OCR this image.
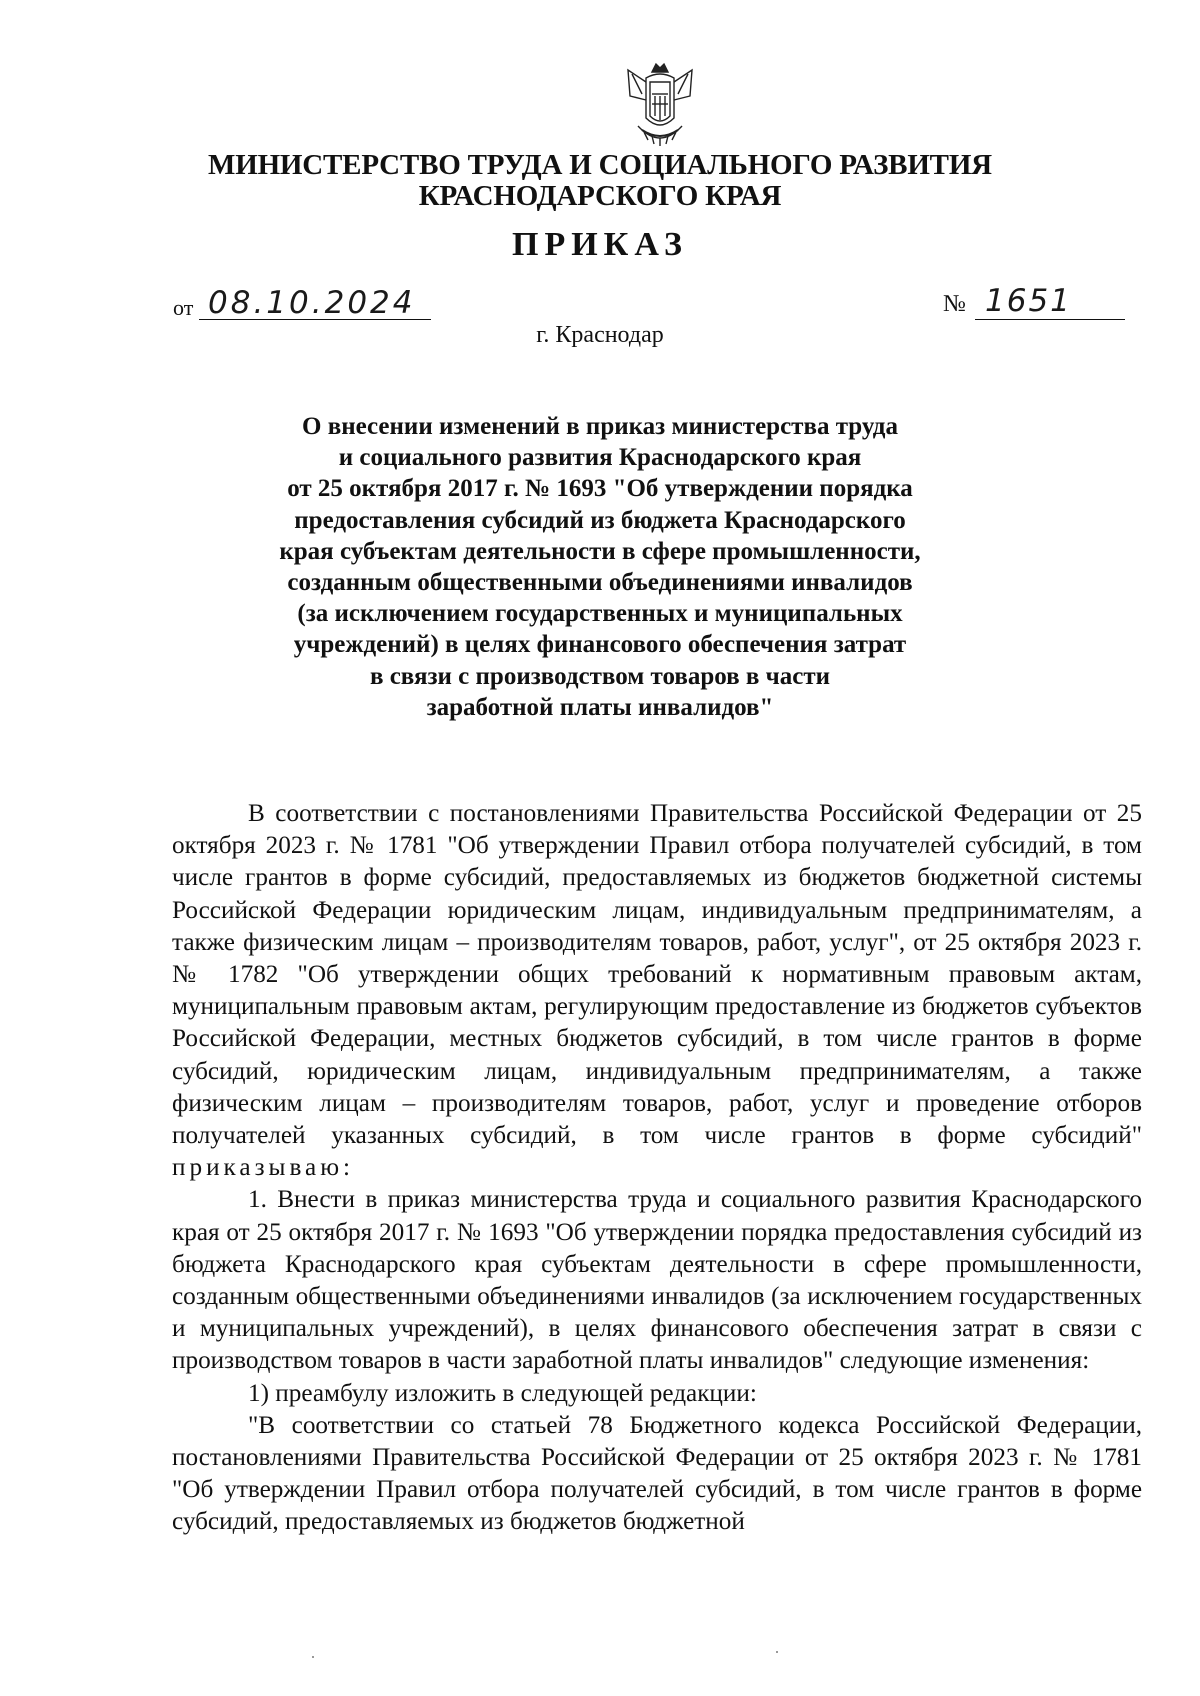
МИНИСТЕРСТВО ТРУДА И СОЦИАЛЬНОГО РАЗВИТИЯ
КРАСНОДАРСКОГО КРАЯ
ПРИКАЗ
от 08.10.2024	№ 1651
г. Краснодар
О внесении изменений в приказ министерства труда
и социального развития Краснодарского края
от 25 октября 2017 г. № 1693 "Об утверждении порядка
предоставления субсидий из бюджета Краснодарского
края субъектам деятельности в сфере промышленности,
созданным общественными объединениями инвалидов
(за исключением государственных и муниципальных
учреждений) в целях финансового обеспечения затрат
в связи с производством товаров в части
заработной платы инвалидов"

В соответствии с постановлениями Правительства Российской Федерации от 25 октября 2023 г. № 1781 "Об утверждении Правил отбора получателей субсидий, в том числе грантов в форме субсидий, предоставляемых из бюджетов бюджетной системы Российской Федерации юридическим лицам, индивидуальным предпринимателям, а также физическим лицам – производителям товаров, работ, услуг", от 25 октября 2023 г. № 1782 "Об утверждении общих требований к нормативным правовым актам, муниципальным правовым актам, регулирующим предоставление из бюджетов субъектов Российской Федерации, местных бюджетов субсидий, в том числе грантов в форме субсидий, юридическим лицам, индивидуальным предпринимателям, а также физическим лицам – производителям товаров, работ, услуг и проведение отборов получателей указанных субсидий, в том числе грантов в форме субсидий" приказываю:

1. Внести в приказ министерства труда и социального развития Краснодарского края от 25 октября 2017 г. № 1693 "Об утверждении порядка предоставления субсидий из бюджета Краснодарского края субъектам деятельности в сфере промышленности, созданным общественными объединениями инвалидов (за исключением государственных и муниципальных учреждений), в целях финансового обеспечения затрат в связи с производством товаров в части заработной платы инвалидов" следующие изменения:

1) преамбулу изложить в следующей редакции:

"В соответствии со статьей 78 Бюджетного кодекса Российской Федерации, постановлениями Правительства Российской Федерации от 25 октября 2023 г. № 1781 "Об утверждении Правил отбора получателей субсидий, в том числе грантов в форме субсидий, предоставляемых из бюджетов бюджетной
